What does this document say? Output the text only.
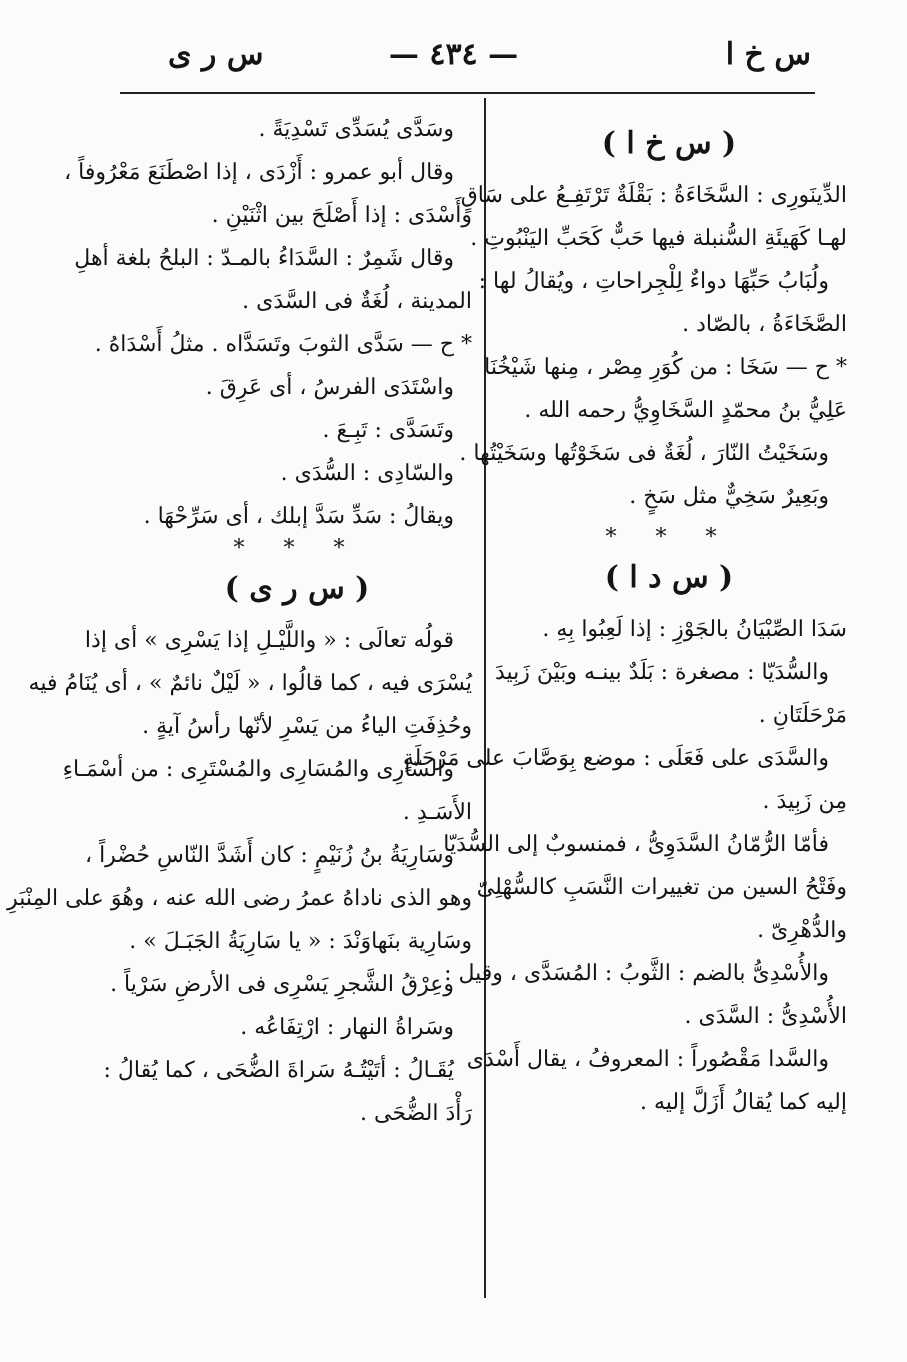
س خ ا
— ٤٣٤ —
س ر ى
( س خ ا )
الدِّينَورِى : السَّخَاءَةُ : بَقْلَةٌ تَرْتَفِـعُ على سَاقٍ
لهـا كَهَيئَةِ السُّنبلة فيها حَبٌّ كَحَبِّ اليَنْبُوتِ .
ولُبَابُ حَبِّهَا دواءٌ لِلْجِراحاتِ ، ويُقالُ لها :
الصَّخَاءَةُ ، بالصّاد .
* ح — سَخَا : من كُوَرِ مِصْر ، مِنها شَيْخُنَا
عَلِيُّ بنُ محمّدٍ السَّخَاوِيُّ رحمه الله .
وسَخَيْتُ النّارَ ، لُغَةٌ فى سَخَوْتُها وسَخَيْتُها .
وبَعِيرٌ سَخِيٌّ مثل سَخٍ .
* * *
( س د ا )
سَدَا الصِّبْيَانُ بالجَوْزِ : إذا لَعِبُوا بِهِ .
والسُّدَيّا : مصغرة : بَلَدٌ بينـه وبَيْنَ زَبِيدَ
مَرْحَلَتَانِ .
والسَّدَى على فَعَلَى : موضع بِوَصَّابَ على مَرْحَلَةٍ
مِن زَبِيدَ .
فأمّا الرُّمّانُ السَّدَوِىُّ ، فمنسوبٌ إلى السُّدَيّا
وفَتْحُ السين من تغييرات النَّسَبِ كالسُّهْلِىّ
والدُّهْرِىّ .
والأُسْدِىُّ بالضم : الثَّوبُ : المُسَدَّى ، وقيل :
الأُسْدِىُّ : السَّدَى .
والسَّدا مَقْصُوراً : المعروفُ ، يقال أَسْدَى
إليه كما يُقالُ أَزَلَّ إليه .
وسَدَّى يُسَدِّى تَسْدِيَةً .
وقال أبو عمرو : أَزْدَى ، إذا اصْطَنَعَ مَعْرُوفاً ،
وأَسْدَى : إذا أَصْلَحَ بين اثْنَيْنِ .
وقال شَمِرٌ : السَّدَاءُ بالمـدّ : البلحُ بلغة أهلِ
المدينة ، لُغَةٌ فى السَّدَى .
* ح — سَدَّى الثوبَ وتَسَدَّاه . مثلُ أَسْدَاهُ .
واسْتَدَى الفرسُ ، أى عَرِقَ .
وتَسَدَّى : تَبِـعَ .
والسّادِى : السُّدَى .
ويقالُ : سَدِّ سَدَّ إبلك ، أى سَرِّحْهَا .
* * *
( س ر ى )
قولُه تعالَى : « واللَّيْـلِ إذا يَسْرِى » أى إذا
يُسْرَى فيه ، كما قالُوا ، « لَيْلٌ نائمٌ » ، أى يُنَامُ فيه
وحُذِفَتِ الياءُ من يَسْرِ لأنّها رأسُ آيةٍ .
والسّارِى والمُسَارِى والمُسْتَرِى : من أسْمَـاءِ
الأَسَـدِ .
وسَارِيَةُ بنُ زُنَيْمٍ : كان أَشَدَّ النّاسِ حُضْراً ،
وهو الذى ناداهُ عمرُ رضى الله عنه ، وهُوَ على المِنْبَرِ
وسَارِية بنَهاوَنْدَ : « يا سَارِيَةُ الجَبَـلَ » .
وعِرْقُ الشَّجرِ يَسْرِى فى الأرضِ سَرْياً .
وسَراةُ النهار : ارْتِفَاعُه .
يُقَـالُ : أتَيْتُـهُ سَراةَ الضُّحَى ، كما يُقالُ :
رَأْدَ الضُّحَى .
